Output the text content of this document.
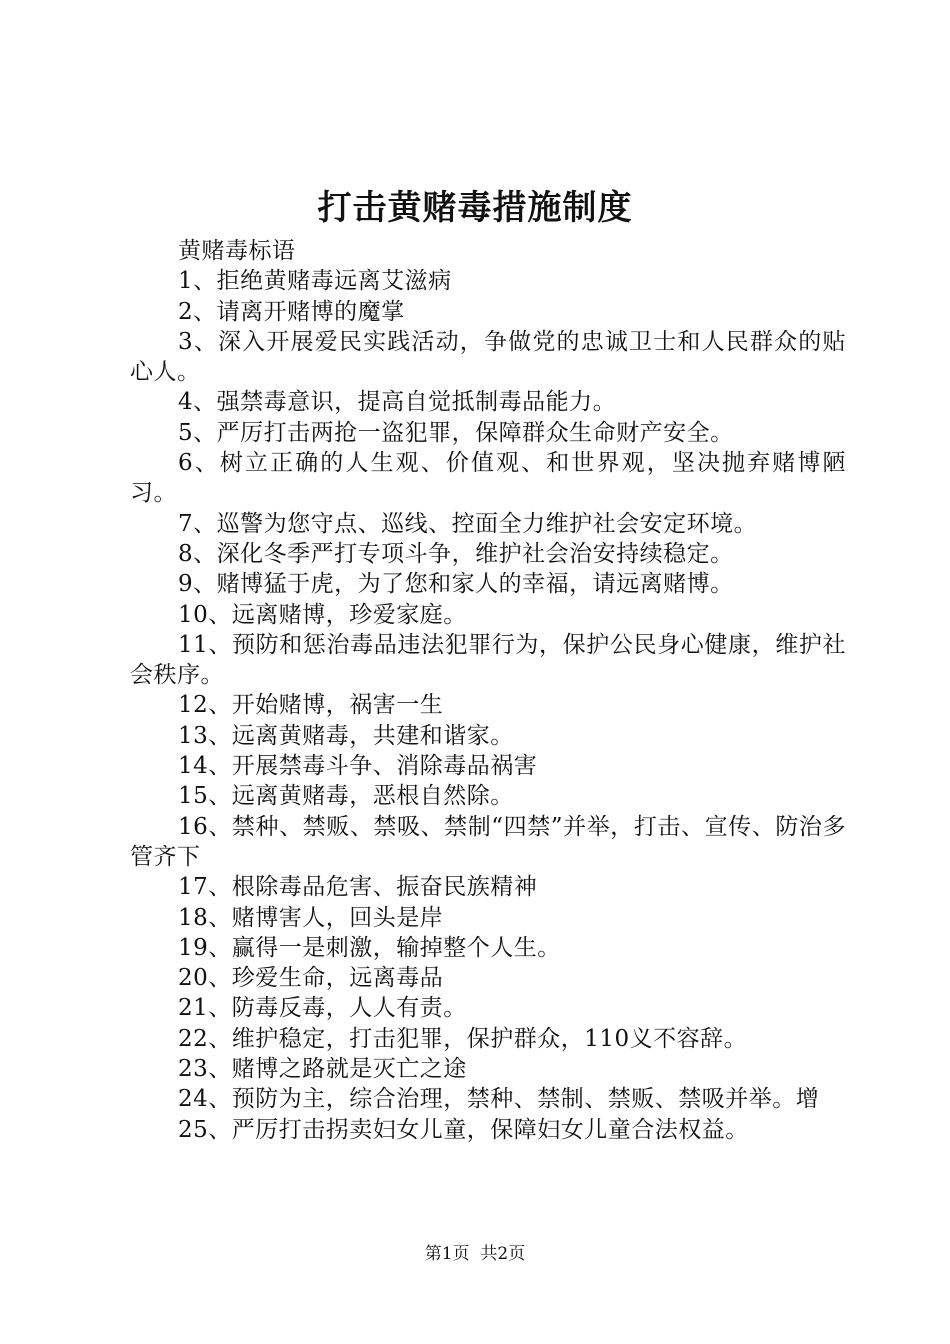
打击黄赌毒措施制度

黄赌毒标语

1、拒绝黄赌毒远离艾滋病

2、请离开赌博的魔掌

3、深入开展爱民实践活动，争做党的忠诚卫士和人民群众的贴心人。

4、强禁毒意识，提高自觉抵制毒品能力。

5、严厉打击两抢一盗犯罪，保障群众生命财产安全。

6、树立正确的人生观、价值观、和世界观，坚决抛弃赌博陋习。

7、巡警为您守点、巡线、控面全力维护社会安定环境。

8、深化冬季严打专项斗争，维护社会治安持续稳定。

9、赌博猛于虎，为了您和家人的幸福，请远离赌博。

10、远离赌博，珍爱家庭。

11、预防和惩治毒品违法犯罪行为，保护公民身心健康，维护社会秩序。

12、开始赌博，祸害一生

13、远离黄赌毒，共建和谐家。

14、开展禁毒斗争、消除毒品祸害

15、远离黄赌毒，恶根自然除。

16、禁种、禁贩、禁吸、禁制“四禁”并举，打击、宣传、防治多管齐下

17、根除毒品危害、振奋民族精神

18、赌博害人，回头是岸

19、赢得一是刺激，输掉整个人生。

20、珍爱生命，远离毒品

21、防毒反毒，人人有责。

22、维护稳定，打击犯罪，保护群众，110义不容辞。

23、赌博之路就是灭亡之途

24、预防为主，综合治理，禁种、禁制、禁贩、禁吸并举。增

25、严厉打击拐卖妇女儿童，保障妇女儿童合法权益。

第1页  共2页
